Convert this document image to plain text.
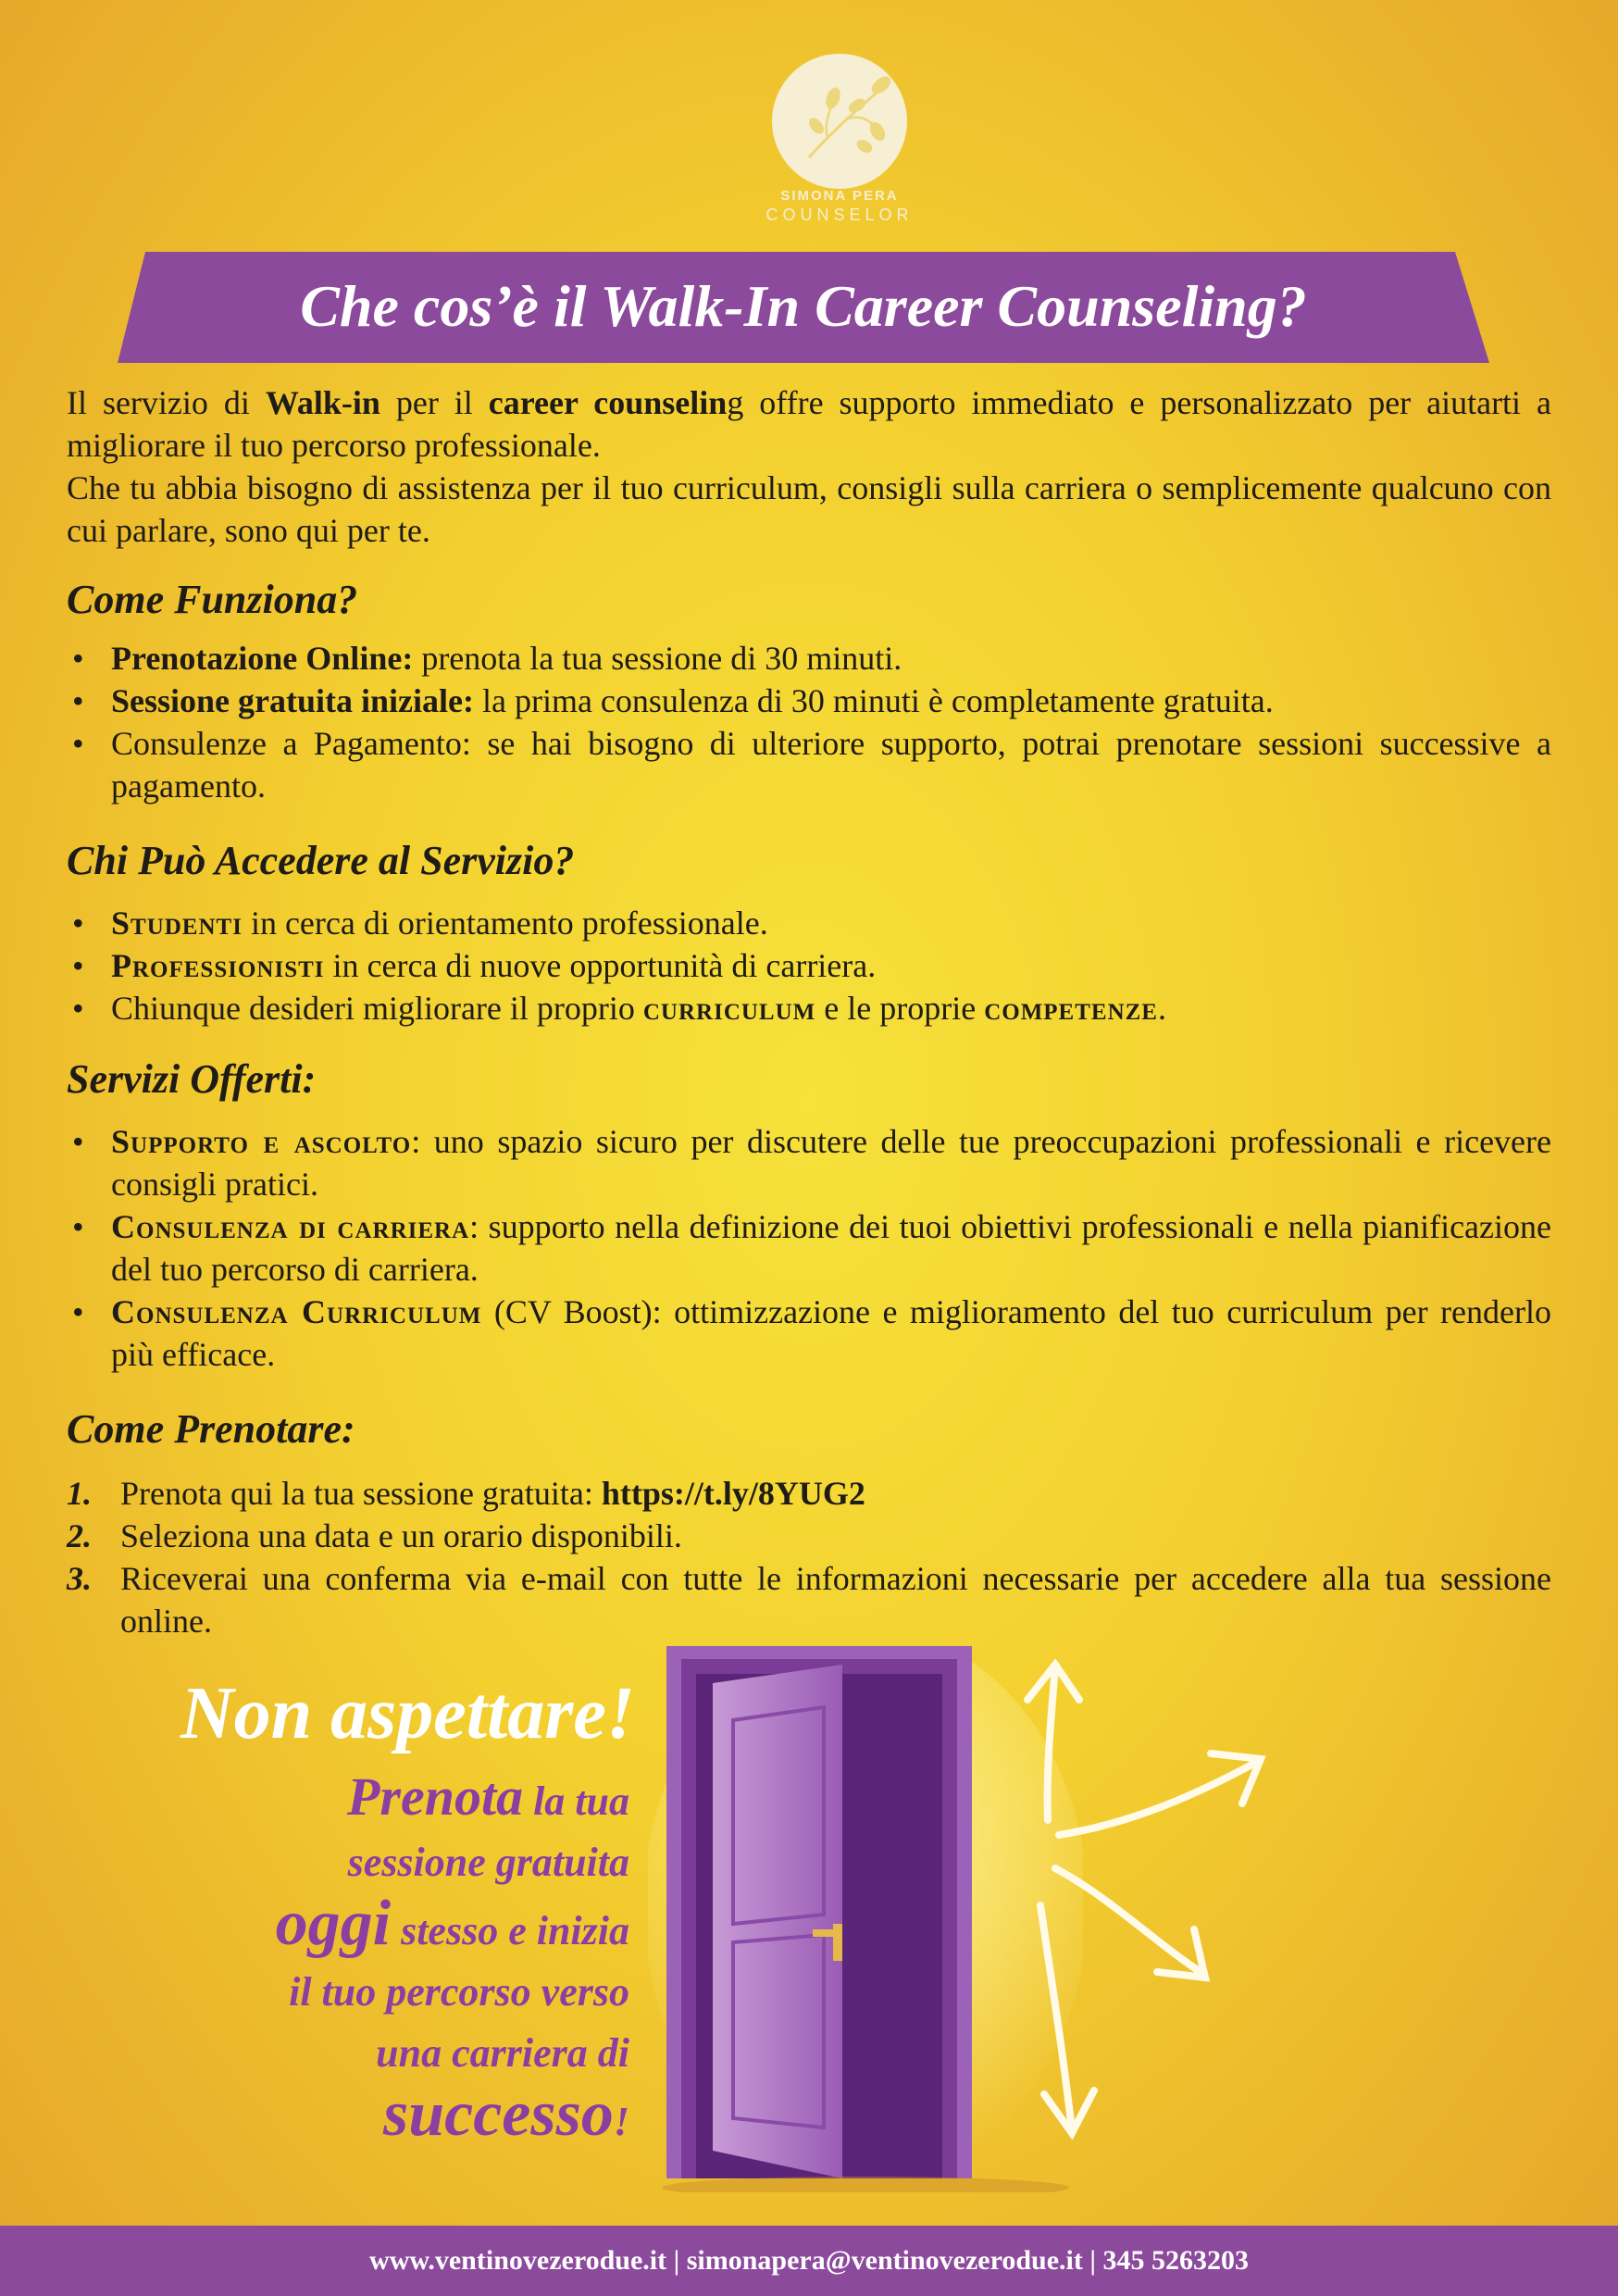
SIMONA PERA
COUNSELOR
Che cos’è il Walk-In Career Counseling?
Il servizio di Walk-in per il career counseling offre supporto immediato e personalizzato per aiutarti a migliorare il tuo percorso professionale.
Che tu abbia bisogno di assistenza per il tuo curriculum, consigli sulla carriera o semplicemente qualcuno con cui parlare, sono qui per te.
Come Funziona?
• Prenotazione Online: prenota la tua sessione di 30 minuti.
• Sessione gratuita iniziale: la prima consulenza di 30 minuti è completamente gratuita.
• Consulenze a Pagamento: se hai bisogno di ulteriore supporto, potrai prenotare sessioni successive a pagamento.
Chi Può Accedere al Servizio?
• Studenti in cerca di orientamento professionale.
• Professionisti in cerca di nuove opportunità di carriera.
• Chiunque desideri migliorare il proprio curriculum e le proprie competenze.
Servizi Offerti:
• Supporto e ascolto: uno spazio sicuro per discutere delle tue preoccupazioni professionali e ricevere consigli pratici.
• Consulenza di carriera: supporto nella definizione dei tuoi obiettivi professionali e nella pianificazione del tuo percorso di carriera.
• Consulenza Curriculum (CV Boost): ottimizzazione e miglioramento del tuo curriculum per renderlo più efficace.
Come Prenotare:
1. Prenota qui la tua sessione gratuita: https://t.ly/8YUG2
2. Seleziona una data e un orario disponibili.
3. Riceverai una conferma via e-mail con tutte le informazioni necessarie per accedere alla tua sessione online.
Non aspettare!
Prenota la tua
sessione gratuita
oggi stesso e inizia
il tuo percorso verso
una carriera di
successo!
www.ventinovezerodue.it | simonapera@ventinovezerodue.it | 345 5263203
